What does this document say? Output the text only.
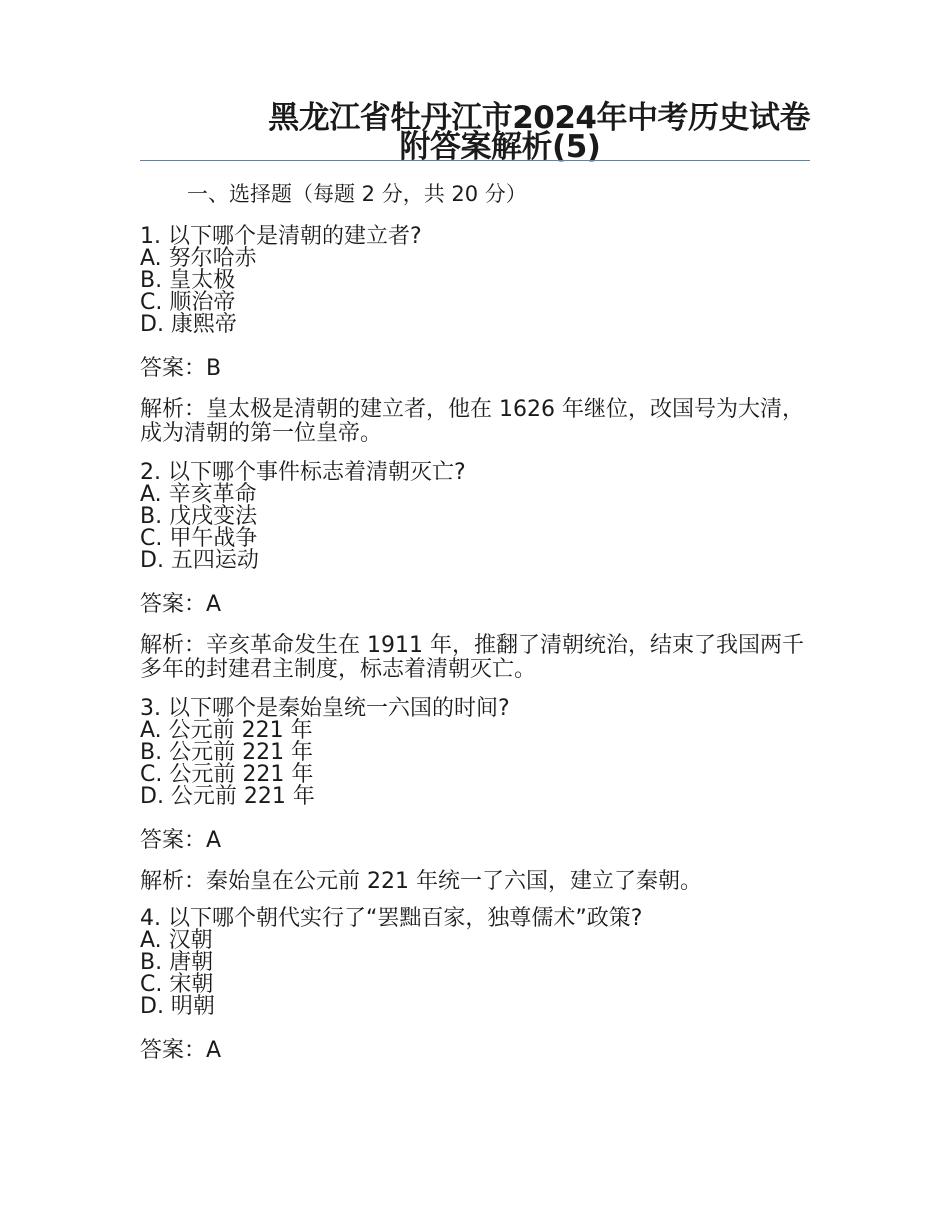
黑龙江省牡丹江市2024年中考历史试卷
附答案解析(5)
一、选择题（每题 2 分，共 20 分）
1. 以下哪个是清朝的建立者?
A. 努尔哈赤
B. 皇太极
C. 顺治帝
D. 康熙帝
答案：B
解析：皇太极是清朝的建立者，他在 1626 年继位，改国号为大清，成为清朝的第一位皇帝。
2. 以下哪个事件标志着清朝灭亡?
A. 辛亥革命
B. 戊戌变法
C. 甲午战争
D. 五四运动
答案：A
解析：辛亥革命发生在 1911 年，推翻了清朝统治，结束了我国两千多年的封建君主制度，标志着清朝灭亡。
3. 以下哪个是秦始皇统一六国的时间?
A. 公元前 221 年
B. 公元前 221 年
C. 公元前 221 年
D. 公元前 221 年
答案：A
解析：秦始皇在公元前 221 年统一了六国，建立了秦朝。
4. 以下哪个朝代实行了“罢黜百家，独尊儒术”政策?
A. 汉朝
B. 唐朝
C. 宋朝
D. 明朝
答案：A
